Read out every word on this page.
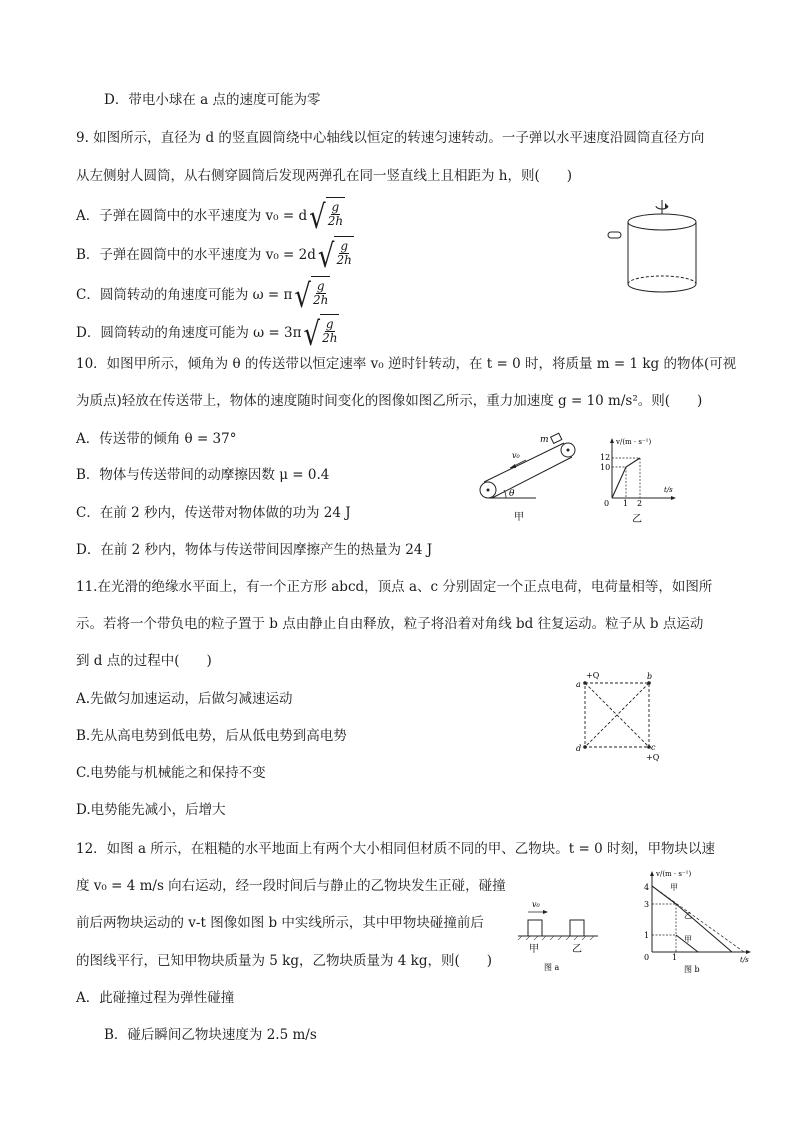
D．带电小球在 a 点的速度可能为零
9. 如图所示，直径为 d 的竖直圆筒绕中心轴线以恒定的转速匀速转动。一子弹以水平速度沿圆筒直径方向
从左侧射人圆筒，从右侧穿圆筒后发现两弹孔在同一竖直线上且相距为 h，则(　　)
A．子弹在圆筒中的水平速度为 v₀ = d √ $\frac{g}{2h}$
B．子弹在圆筒中的水平速度为 v₀ = 2d √ $\frac{g}{2h}$
C．圆筒转动的角速度可能为 ω = π √ $\frac{g}{2h}$
D．圆筒转动的角速度可能为 ω = 3π √ $\frac{g}{2h}$
10．如图甲所示，倾角为 θ 的传送带以恒定速率 v₀ 逆时针转动，在 t = 0 时，将质量 m = 1 kg 的物体(可视
为质点)轻放在传送带上，物体的速度随时间变化的图像如图乙所示，重力加速度 g = 10 m/s²。则(　　)
A．传送带的倾角 θ = 37°
B．物体与传送带间的动摩擦因数 μ = 0.4
C．在前 2 秒内，传送带对物体做的功为 24 J
D．在前 2 秒内，物体与传送带间因摩擦产生的热量为 24 J
θ
m
v₀
甲
v/(m · s⁻¹)
t/s
12
10
0 1 2
乙
11.在光滑的绝缘水平面上，有一个正方形 abcd，顶点 a、c 分别固定一个正点电荷，电荷量相等，如图所
示。若将一个带负电的粒子置于 b 点由静止自由释放，粒子将沿着对角线 bd 往复运动。粒子从 b 点运动
到 d 点的过程中(　　)
A.先做匀加速运动，后做匀减速运动
B.先从高电势到低电势，后从低电势到高电势
C.电势能与机械能之和保持不变
D.电势能先减小，后增大
+Q
a
b
c
+Q
d
12．如图 a 所示，在粗糙的水平地面上有两个大小相同但材质不同的甲、乙物块。t = 0 时刻，甲物块以速
度 v₀ = 4 m/s 向右运动，经一段时间后与静止的乙物块发生正碰，碰撞
前后两物块运动的 v-t 图像如图 b 中实线所示，其中甲物块碰撞前后
的图线平行，已知甲物块质量为 5 kg，乙物块质量为 4 kg，则(　　)
A．此碰撞过程为弹性碰撞
B．碰后瞬间乙物块速度为 2.5 m/s
v₀
甲	乙
图 a
v/(m · s⁻¹)
t/s
4
3
1
0	1
甲
乙
甲
图 b
